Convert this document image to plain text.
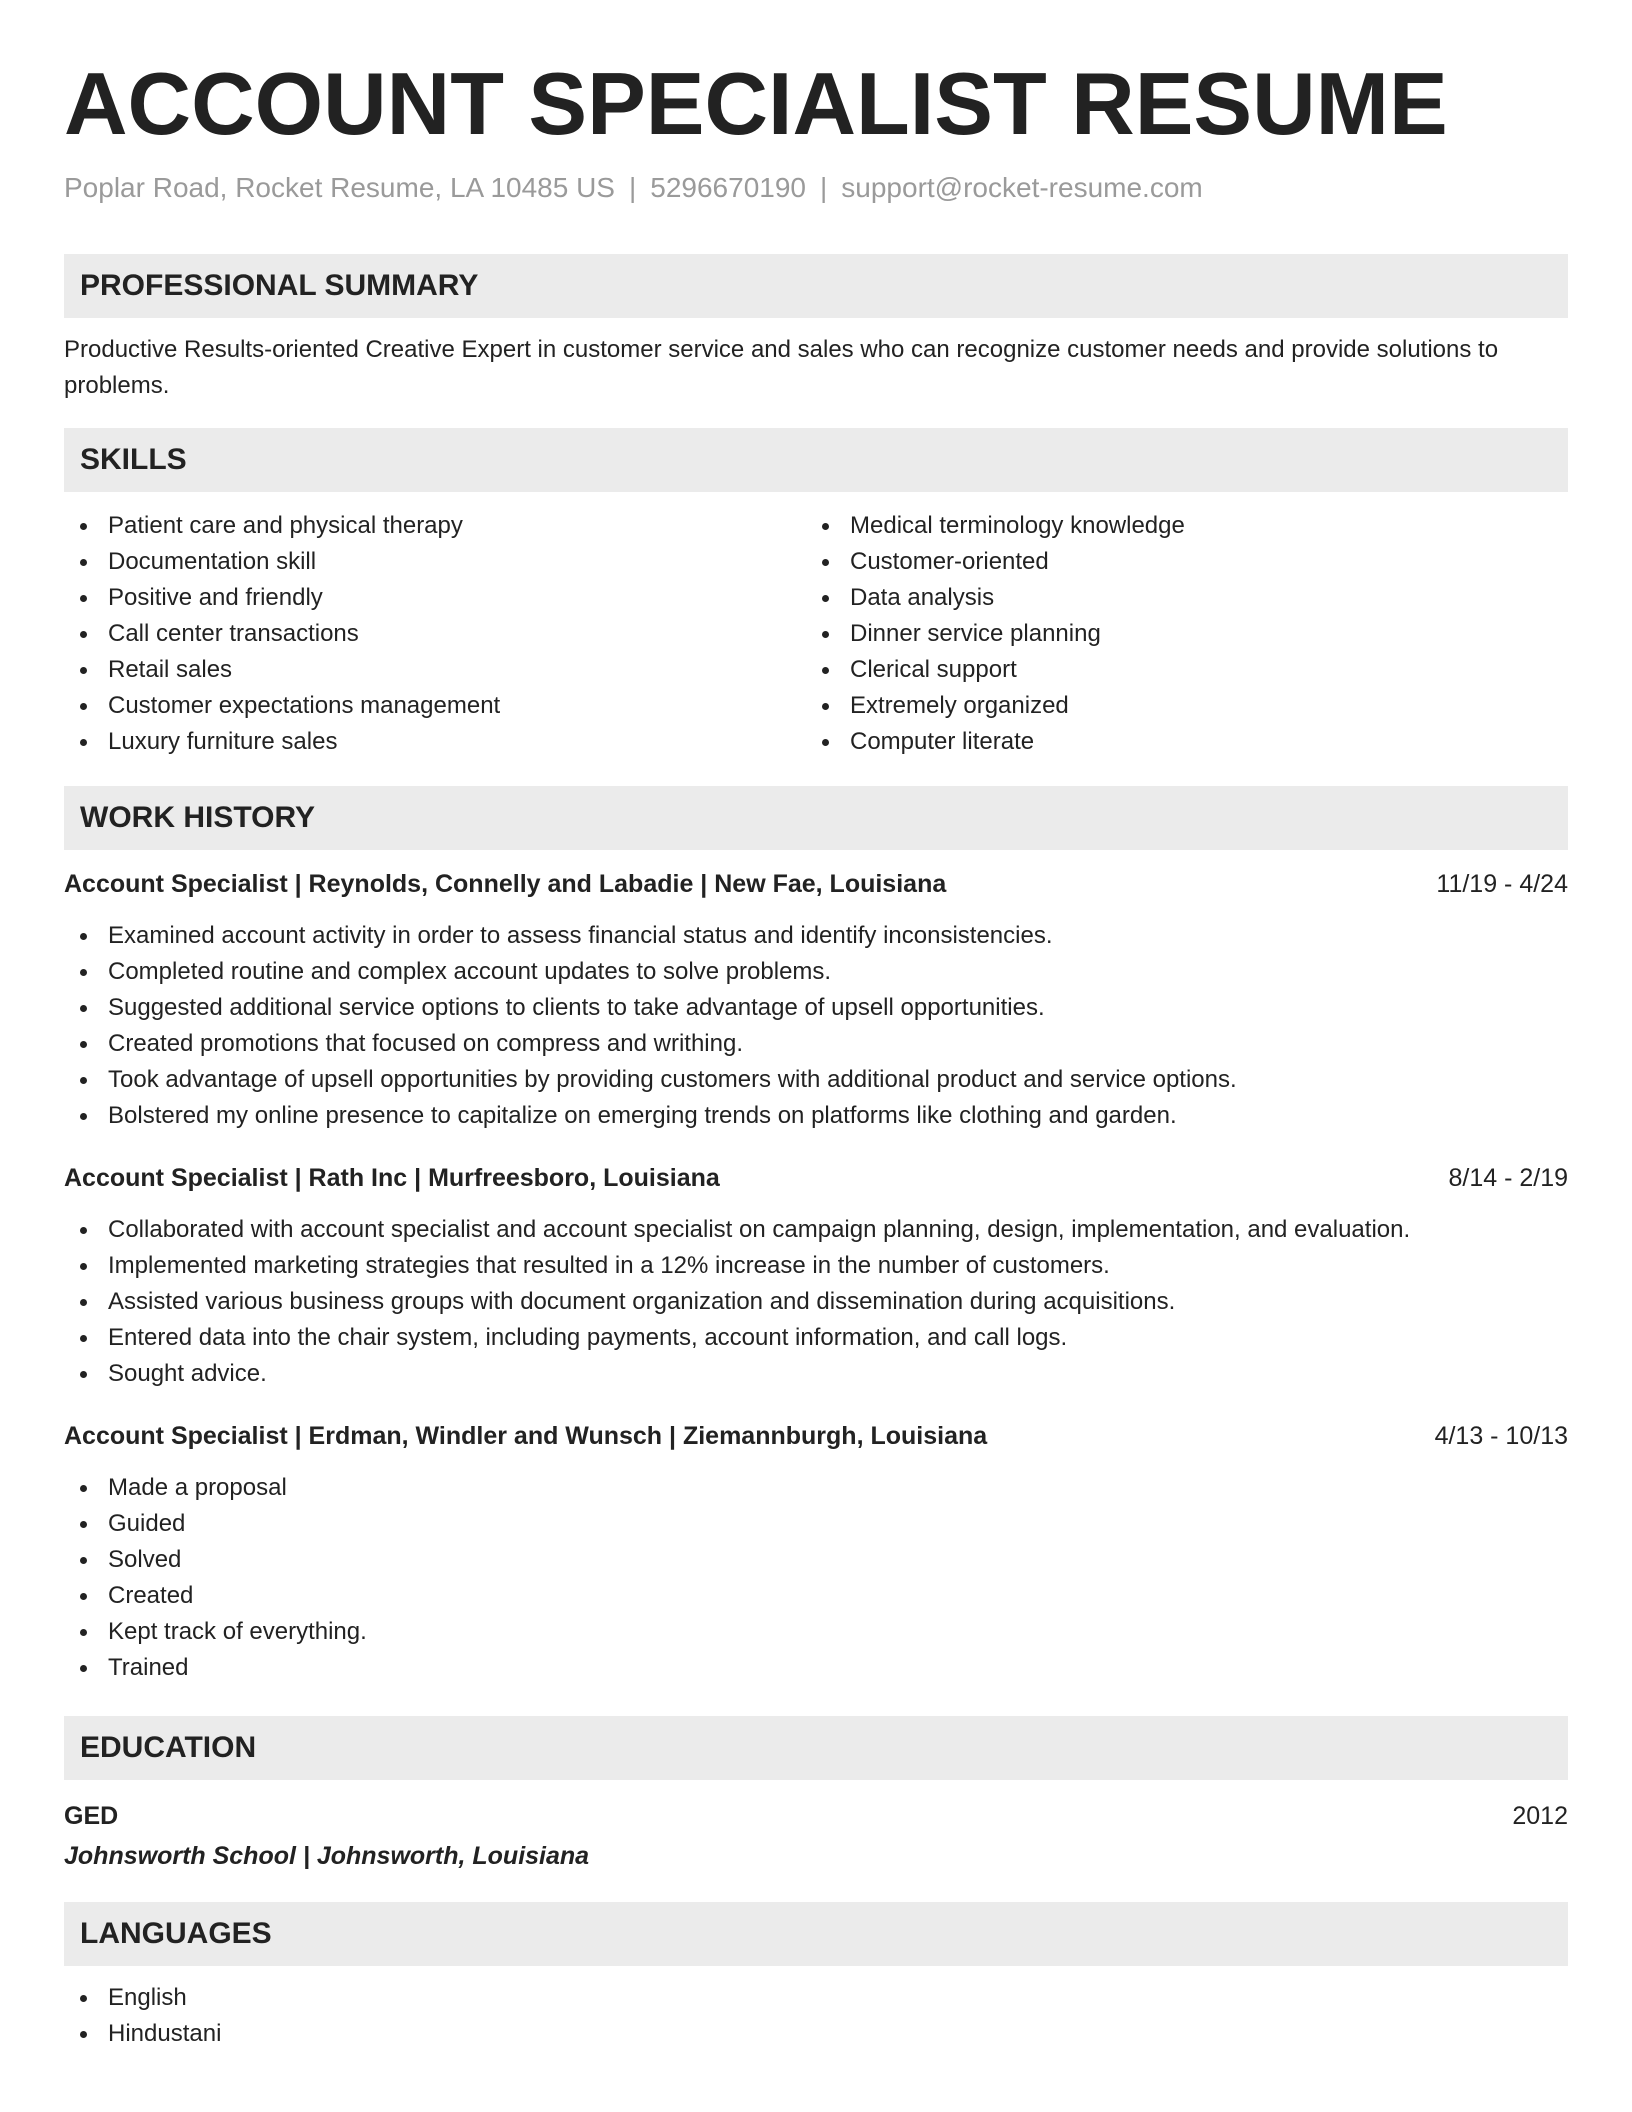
ACCOUNT SPECIALIST RESUME
Poplar Road, Rocket Resume, LA 10485 US | 5296670190 | support@rocket-resume.com
PROFESSIONAL SUMMARY

Productive Results-oriented Creative Expert in customer service and sales who can recognize customer needs and provide solutions to problems.

SKILLS
Patient care and physical therapy
Documentation skill
Positive and friendly
Call center transactions
Retail sales
Customer expectations management
Luxury furniture sales
Medical terminology knowledge
Customer-oriented
Data analysis
Dinner service planning
Clerical support
Extremely organized
Computer literate
WORK HISTORY
Account Specialist | Reynolds, Connelly and Labadie | New Fae, Louisiana	11/19 - 4/24
Examined account activity in order to assess financial status and identify inconsistencies.
Completed routine and complex account updates to solve problems.
Suggested additional service options to clients to take advantage of upsell opportunities.
Created promotions that focused on compress and writhing.
Took advantage of upsell opportunities by providing customers with additional product and service options.
Bolstered my online presence to capitalize on emerging trends on platforms like clothing and garden.
Account Specialist | Rath Inc | Murfreesboro, Louisiana	8/14 - 2/19
Collaborated with account specialist and account specialist on campaign planning, design, implementation, and evaluation.
Implemented marketing strategies that resulted in a 12% increase in the number of customers.
Assisted various business groups with document organization and dissemination during acquisitions.
Entered data into the chair system, including payments, account information, and call logs.
Sought advice.
Account Specialist | Erdman, Windler and Wunsch | Ziemannburgh, Louisiana	4/13 - 10/13
Made a proposal
Guided
Solved
Created
Kept track of everything.
Trained
EDUCATION
GED	2012
Johnsworth School | Johnsworth, Louisiana
LANGUAGES
English
Hindustani
